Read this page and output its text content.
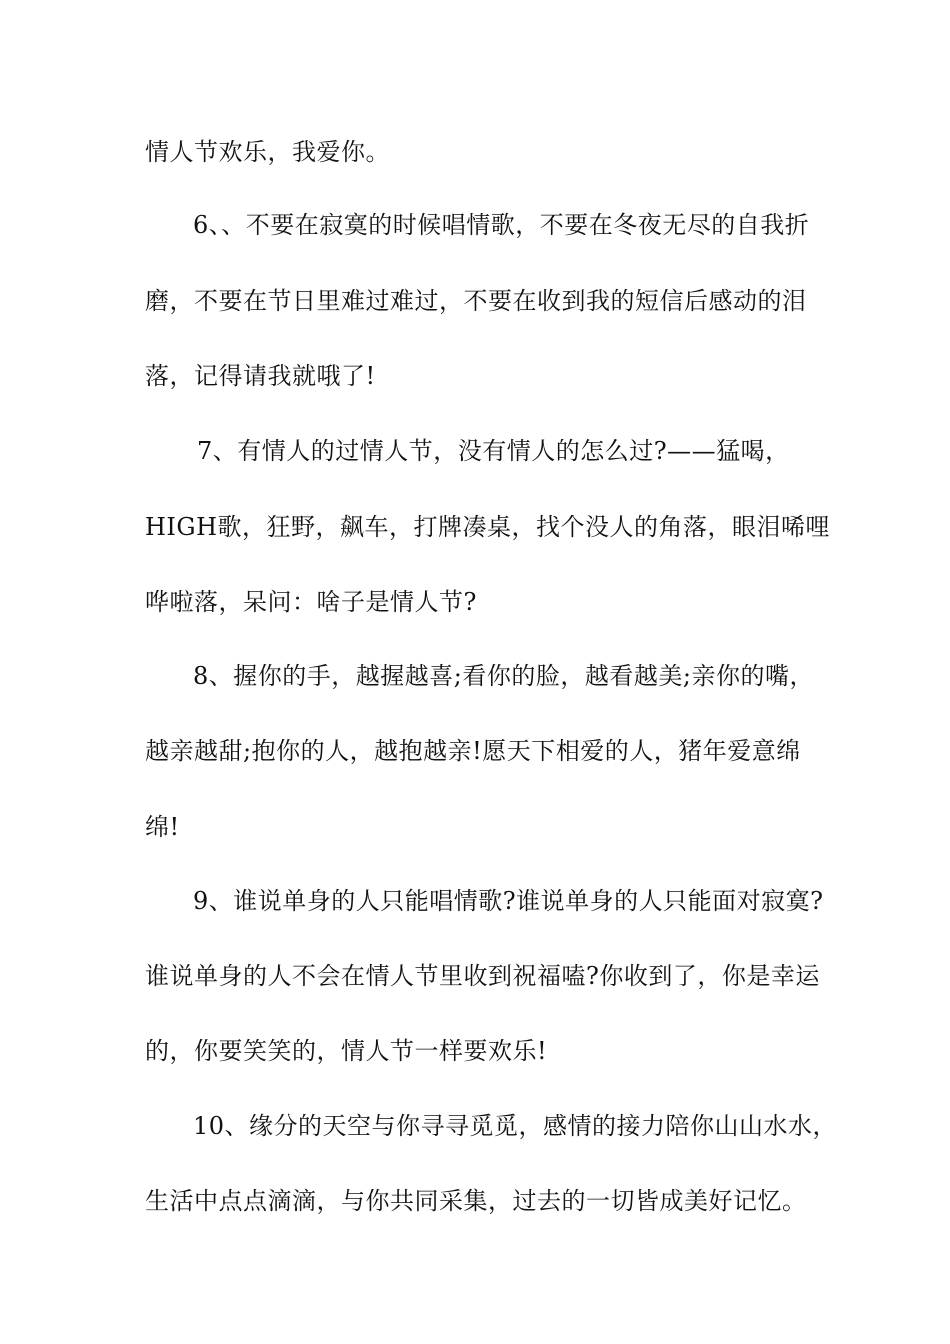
情人节欢乐，我爱你。
6、、不要在寂寞的时候唱情歌，不要在冬夜无尽的自我折
磨，不要在节日里难过难过，不要在收到我的短信后感动的泪
落，记得请我就哦了!
7、有情人的过情人节，没有情人的怎么过?——猛喝，
HIGH歌，狂野，飙车，打牌凑桌，找个没人的角落，眼泪唏哩
哗啦落，呆问：啥子是情人节?
8、握你的手，越握越喜;看你的脸，越看越美;亲你的嘴，
越亲越甜;抱你的人，越抱越亲!愿天下相爱的人，猪年爱意绵
绵!
9、谁说单身的人只能唱情歌?谁说单身的人只能面对寂寞?
谁说单身的人不会在情人节里收到祝福嗑?你收到了，你是幸运
的，你要笑笑的，情人节一样要欢乐!
10、缘分的天空与你寻寻觅觅，感情的接力陪你山山水水，
生活中点点滴滴，与你共同采集，过去的一切皆成美好记忆。
